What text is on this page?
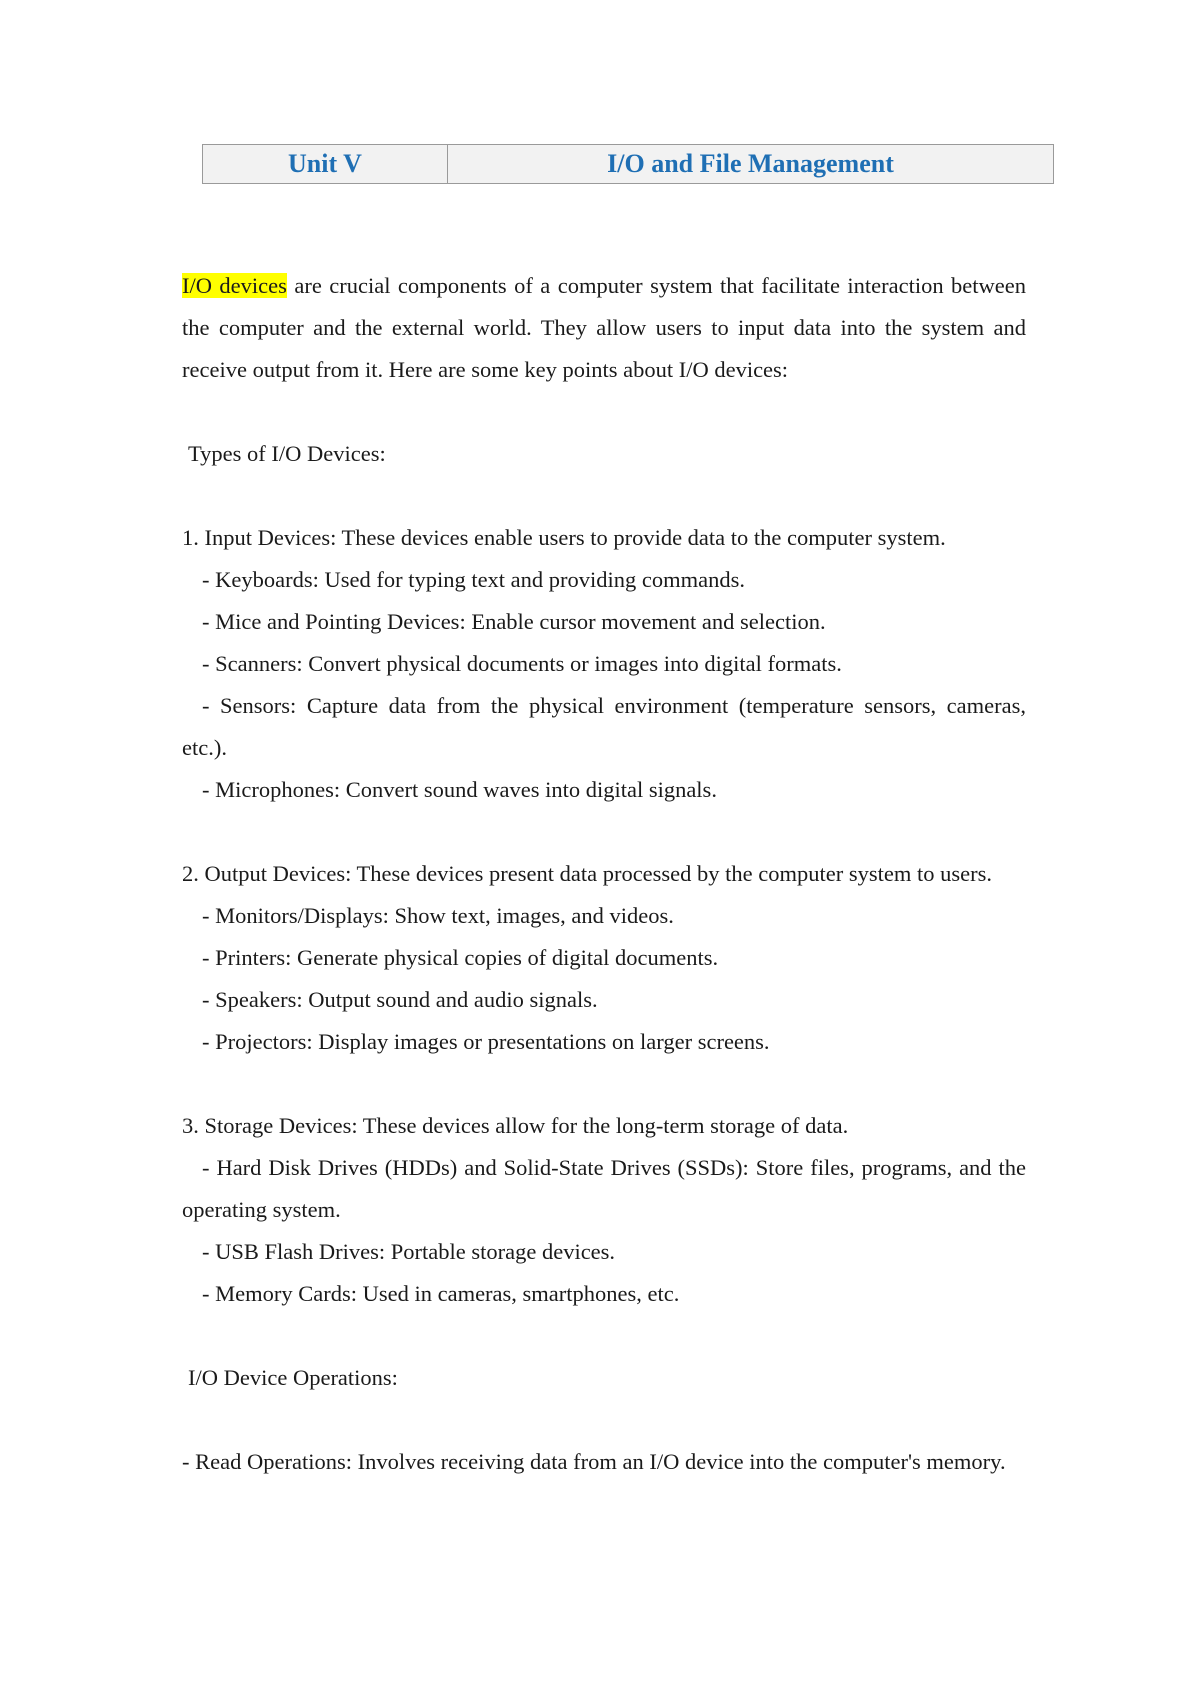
Unit V	I/O and File Management

I/O devices are crucial components of a computer system that facilitate interaction between the computer and the external world. They allow users to input data into the system and receive output from it. Here are some key points about I/O devices:

Types of I/O Devices:

1. Input Devices: These devices enable users to provide data to the computer system.

- Keyboards: Used for typing text and providing commands.

- Mice and Pointing Devices: Enable cursor movement and selection.

- Scanners: Convert physical documents or images into digital formats.

- Sensors: Capture data from the physical environment (temperature sensors, cameras, etc.).

- Microphones: Convert sound waves into digital signals.

2. Output Devices: These devices present data processed by the computer system to users.

- Monitors/Displays: Show text, images, and videos.

- Printers: Generate physical copies of digital documents.

- Speakers: Output sound and audio signals.

- Projectors: Display images or presentations on larger screens.

3. Storage Devices: These devices allow for the long-term storage of data.

- Hard Disk Drives (HDDs) and Solid-State Drives (SSDs): Store files, programs, and the operating system.

- USB Flash Drives: Portable storage devices.

- Memory Cards: Used in cameras, smartphones, etc.

I/O Device Operations:

- Read Operations: Involves receiving data from an I/O device into the computer's memory.
